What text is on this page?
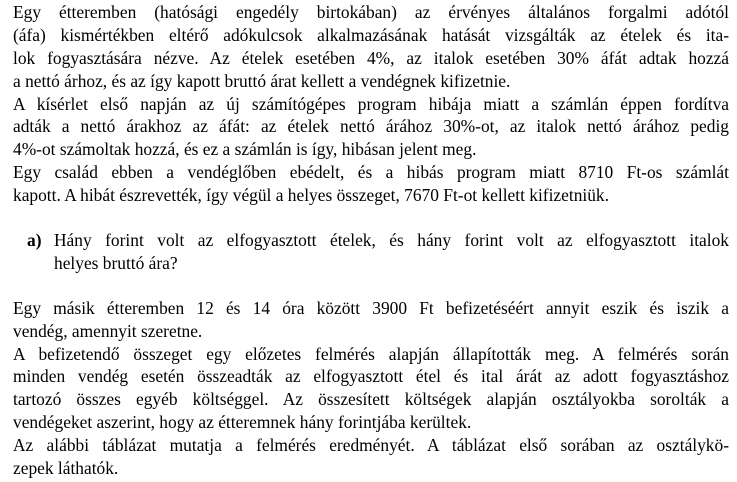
Egy étteremben (hatósági engedély birtokában) az érvényes általános forgalmi adótól
(áfa) kismértékben eltérő adókulcsok alkalmazásának hatását vizsgálták az ételek és ita-
lok fogyasztására nézve. Az ételek esetében 4%, az italok esetében 30% áfát adtak hozzá
a nettó árhoz, és az így kapott bruttó árat kellett a vendégnek kifizetnie.
A kísérlet első napján az új számítógépes program hibája miatt a számlán éppen fordítva
adták a nettó árakhoz az áfát: az ételek nettó árához 30%-ot, az italok nettó árához pedig
4%-ot számoltak hozzá, és ez a számlán is így, hibásan jelent meg.
Egy család ebben a vendéglőben ebédelt, és a hibás program miatt 8710 Ft-os számlát
kapott. A hibát észrevették, így végül a helyes összeget, 7670 Ft-ot kellett kifizetniük.
a) Hány forint volt az elfogyasztott ételek, és hány forint volt az elfogyasztott italok
helyes bruttó ára?
Egy másik étteremben 12 és 14 óra között 3900 Ft befizetéséért annyit eszik és iszik a
vendég, amennyit szeretne.
A befizetendő összeget egy előzetes felmérés alapján állapították meg. A felmérés során
minden vendég esetén összeadták az elfogyasztott étel és ital árát az adott fogyasztáshoz
tartozó összes egyéb költséggel. Az összesített költségek alapján osztályokba sorolták a
vendégeket aszerint, hogy az étteremnek hány forintjába kerültek.
Az alábbi táblázat mutatja a felmérés eredményét. A táblázat első sorában az osztálykö-
zepek láthatók.
